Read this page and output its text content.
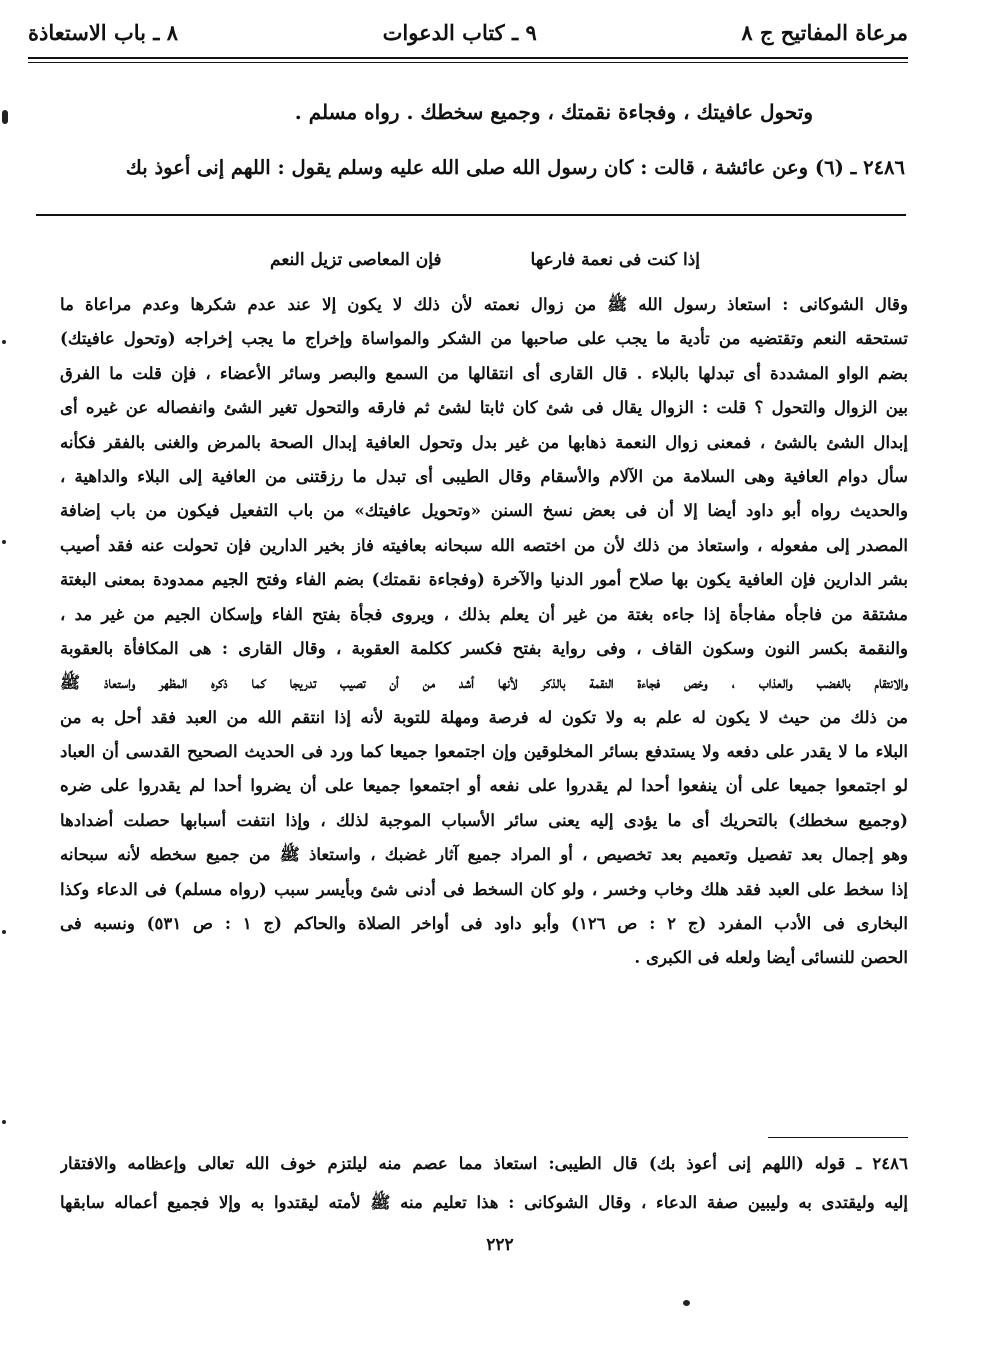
مرعاة المفاتيح ج ٨
٩ ـ كتاب الدعوات
٨ ـ باب الاستعاذة
وتحول عافيتك ، وفجاءة نقمتك ، وجميع سخطك . رواه مسلم .
٢٤٨٦ ـ (٦) وعن عائشة ، قالت : كان رسول الله صلى الله عليه وسلم يقول : اللهم إنى أعوذ بك
إذا كنت فى نعمة فارعها
فإن المعاصى تزيل النعم
وقال الشوكانى : استعاذ رسول الله ﷺ من زوال نعمته لأن ذلك لا يكون إلا عند عدم شكرها وعدم مراعاة ما
تستحقه النعم وتقتضيه من تأدية ما يجب على صاحبها من الشكر والمواساة وإخراج ما يجب إخراجه (وتحول عافيتك)
بضم الواو المشددة أى تبدلها بالبلاء . قال القارى أى انتقالها من السمع والبصر وسائر الأعضاء ، فإن قلت ما الفرق
بين الزوال والتحول ؟ قلت : الزوال يقال فى شئ كان ثابتا لشئ ثم فارقه والتحول تغير الشئ وانفصاله عن غيره أى
إبدال الشئ بالشئ ، فمعنى زوال النعمة ذهابها من غير بدل وتحول العافية إبدال الصحة بالمرض والغنى بالفقر فكأنه
سأل دوام العافية وهى السلامة من الآلام والأسقام وقال الطيبى أى تبدل ما رزقتنى من العافية إلى البلاء والداهية ،
والحديث رواه أبو داود أيضا إلا أن فى بعض نسخ السنن «وتحويل عافيتك» من باب التفعيل فيكون من باب إضافة
المصدر إلى مفعوله ، واستعاذ من ذلك لأن من اختصه الله سبحانه بعافيته فاز بخير الدارين فإن تحولت عنه فقد أصيب
بشر الدارين فإن العافية يكون بها صلاح أمور الدنيا والآخرة (وفجاءة نقمتك) بضم الفاء وفتح الجيم ممدودة بمعنى البغتة
مشتقة من فاجأه مفاجأة إذا جاءه بغتة من غير أن يعلم بذلك ، ويروى فجأة بفتح الفاء وإسكان الجيم من غير مد ،
والنقمة بكسر النون وسكون القاف ، وفى رواية بفتح فكسر ككلمة العقوبة ، وقال القارى : هى المكافأة بالعقوبة
والانتقام بالغضب والعذاب ، وخص فجاءة النقمة بالذكر لأنها أشد من أن تصيب تدريجا كما ذكره المظهر واستعاذ ﷺ
من ذلك من حيث لا يكون له علم به ولا تكون له فرصة ومهلة للتوبة لأنه إذا انتقم الله من العبد فقد أحل به من
البلاء ما لا يقدر على دفعه ولا يستدفع بسائر المخلوقين وإن اجتمعوا جميعا كما ورد فى الحديث الصحيح القدسى أن العباد
لو اجتمعوا جميعا على أن ينفعوا أحدا لم يقدروا على نفعه أو اجتمعوا جميعا على أن يضروا أحدا لم يقدروا على ضره
(وجميع سخطك) بالتحريك أى ما يؤدى إليه يعنى سائر الأسباب الموجبة لذلك ، وإذا انتفت أسبابها حصلت أضدادها
وهو إجمال بعد تفصيل وتعميم بعد تخصيص ، أو المراد جميع آثار غضبك ، واستعاذ ﷺ من جميع سخطه لأنه سبحانه
إذا سخط على العبد فقد هلك وخاب وخسر ، ولو كان السخط فى أدنى شئ وبأيسر سبب (رواه مسلم) فى الدعاء وكذا
البخارى فى الأدب المفرد (ج ٢ : ص ١٢٦) وأبو داود فى أواخر الصلاة والحاكم (ج ١ : ص ٥٣١) ونسبه فى
الحصن للنسائى أيضا ولعله فى الكبرى .
٢٤٨٦ ـ قوله (اللهم إنى أعوذ بك) قال الطيبى: استعاذ مما عصم منه ليلتزم خوف الله تعالى وإعظامه والافتقار
إليه وليقتدى به وليبين صفة الدعاء ، وقال الشوكانى : هذا تعليم منه ﷺ لأمته ليقتدوا به وإلا فجميع أعماله سابقها
٢٢٢
